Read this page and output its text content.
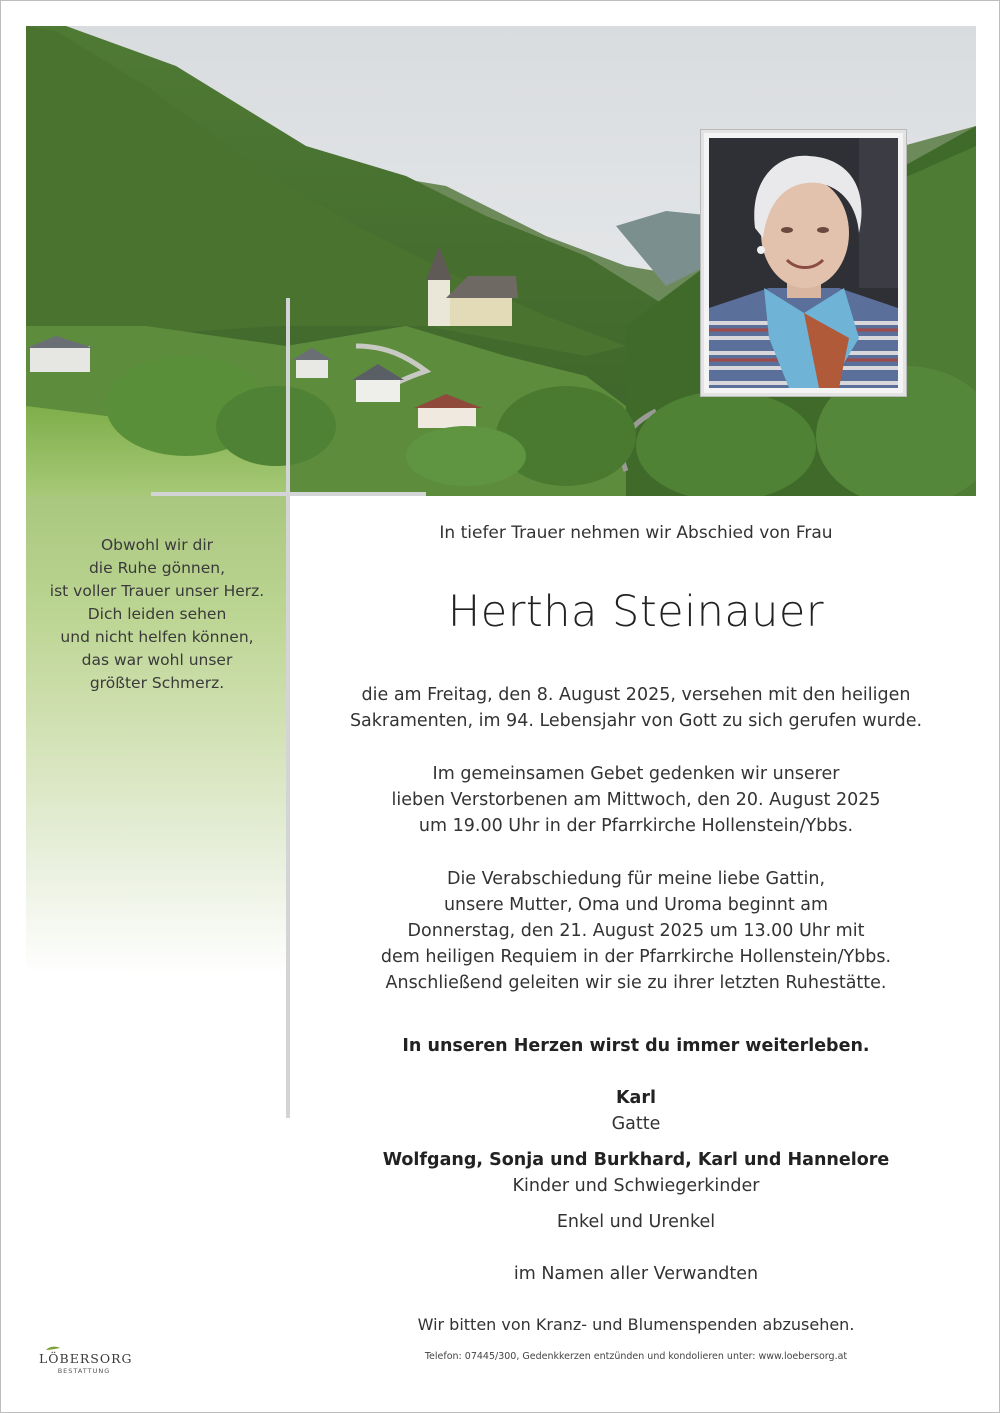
Obwohl wir dir
die Ruhe gönnen,
ist voller Trauer unser Herz.
Dich leiden sehen
und nicht helfen können,
das war wohl unser
größter Schmerz.
In tiefer Trauer nehmen wir Abschied von Frau
Hertha Steinauer
die am Freitag, den 8. August 2025, versehen mit den heiligen
Sakramenten, im 94. Lebensjahr von Gott zu sich gerufen wurde.
Im gemeinsamen Gebet gedenken wir unserer
lieben Verstorbenen am Mittwoch, den 20. August 2025
um 19.00 Uhr in der Pfarrkirche Hollenstein/Ybbs.
Die Verabschiedung für meine liebe Gattin,
unsere Mutter, Oma und Uroma beginnt am
Donnerstag, den 21. August 2025 um 13.00 Uhr mit
dem heiligen Requiem in der Pfarrkirche Hollenstein/Ybbs.
Anschließend geleiten wir sie zu ihrer letzten Ruhestätte.
In unseren Herzen wirst du immer weiterleben.
Karl
Gatte
Wolfgang, Sonja und Burkhard, Karl und Hannelore
Kinder und Schwiegerkinder
Enkel und Urenkel
im Namen aller Verwandten
Wir bitten von Kranz- und Blumenspenden abzusehen.
Telefon: 07445/300, Gedenkkerzen entzünden und kondolieren unter: www.loebersorg.at
LÖBERSORG
BESTATTUNG
